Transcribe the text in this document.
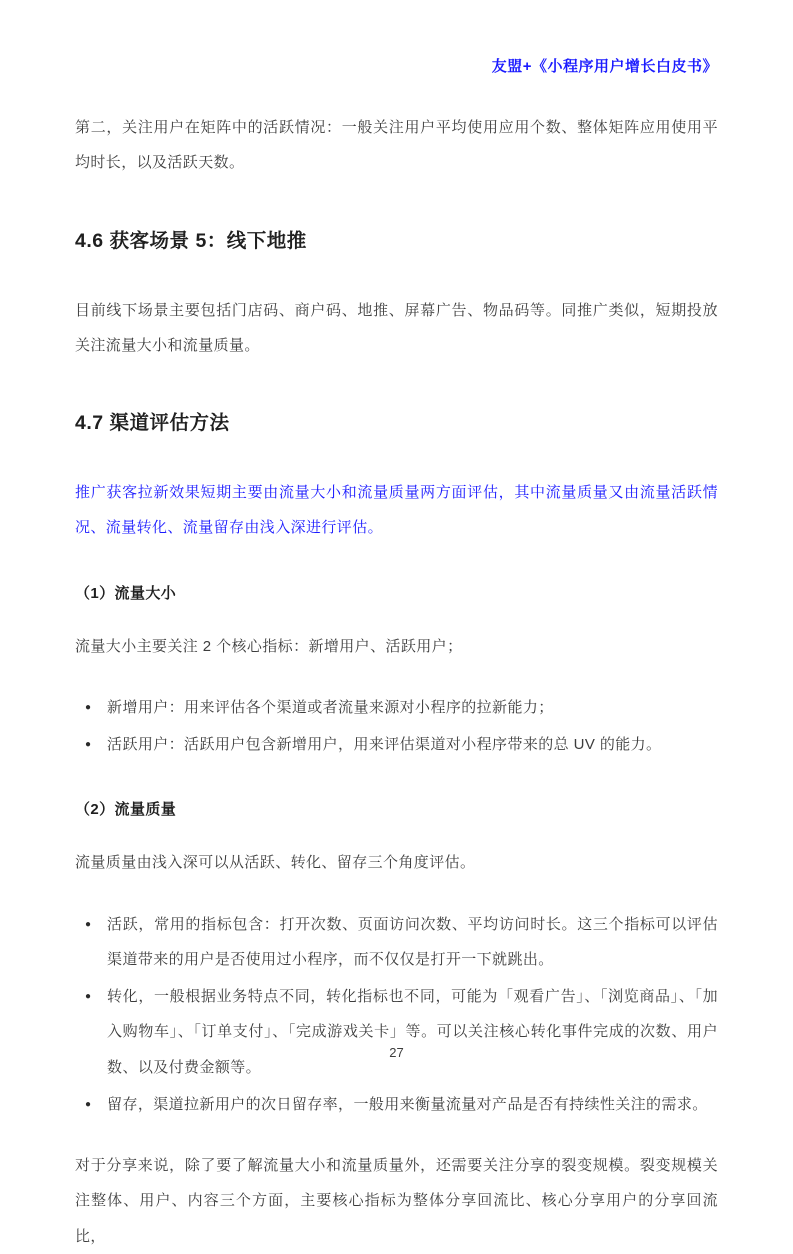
友盟+《小程序用户增长白皮书》

第二，关注用户在矩阵中的活跃情况：一般关注用户平均使用应用个数、整体矩阵应用使用平均时长，以及活跃天数。

4.6 获客场景 5：线下地推

目前线下场景主要包括门店码、商户码、地推、屏幕广告、物品码等。同推广类似，短期投放关注流量大小和流量质量。

4.7 渠道评估方法

推广获客拉新效果短期主要由流量大小和流量质量两方面评估，其中流量质量又由流量活跃情况、流量转化、流量留存由浅入深进行评估。

（1）流量大小

流量大小主要关注 2 个核心指标：新增用户、活跃用户；

● 新增用户：用来评估各个渠道或者流量来源对小程序的拉新能力；
● 活跃用户：活跃用户包含新增用户，用来评估渠道对小程序带来的总 UV 的能力。
（2）流量质量

流量质量由浅入深可以从活跃、转化、留存三个角度评估。

● 活跃，常用的指标包含：打开次数、页面访问次数、平均访问时长。这三个指标可以评估渠道带来的用户是否使用过小程序，而不仅仅是打开一下就跳出。
● 转化，一般根据业务特点不同，转化指标也不同，可能为「观看广告」、「浏览商品」、「加入购物车」、「订单支付」、「完成游戏关卡」等。可以关注核心转化事件完成的次数、用户数、以及付费金额等。
● 留存，渠道拉新用户的次日留存率，一般用来衡量流量对产品是否有持续性关注的需求。

对于分享来说，除了要了解流量大小和流量质量外，还需要关注分享的裂变规模。裂变规模关注整体、用户、内容三个方面，主要核心指标为整体分享回流比、核心分享用户的分享回流比，

27
